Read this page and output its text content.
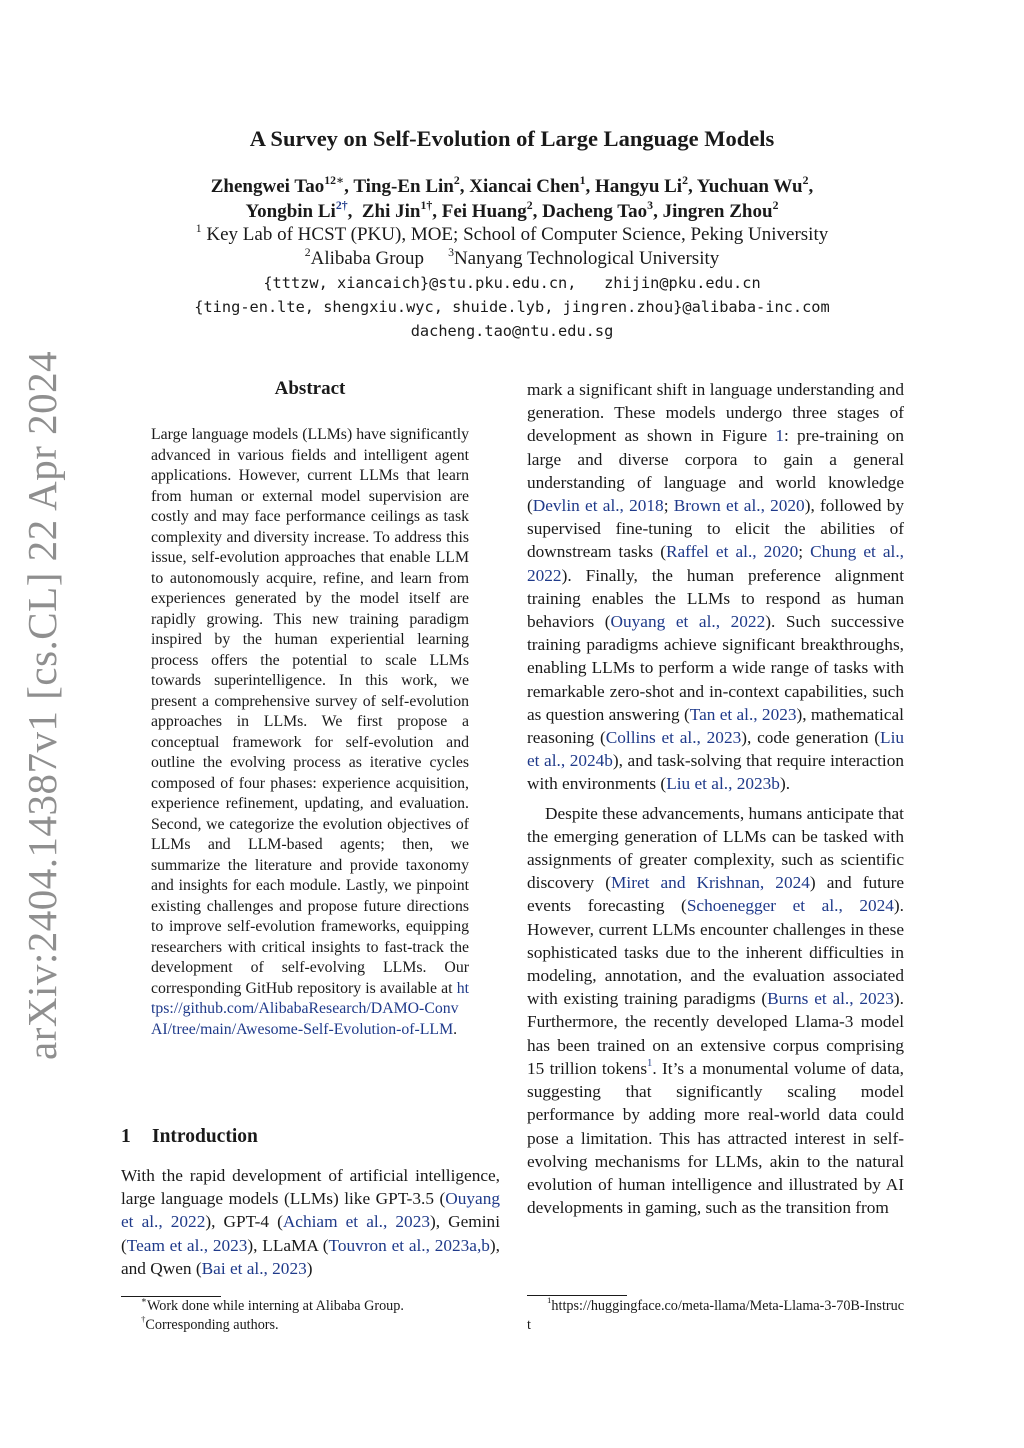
arXiv:2404.14387v1 [cs.CL] 22 Apr 2024
A Survey on Self-Evolution of Large Language Models
Zhengwei Tao$^{12∗}$, Ting-En Lin$^2$, Xiancai Chen$^1$, Hangyu Li$^2$, Yuchuan Wu$^2$,
Yongbin $Li^{2\dagger}$,  Zhi Jin$^{1\dagger}$, Fei Huang$^2$, Dacheng Tao$^3$, Jingren Zhou$^2$
$^1$ Key Lab of HCST (PKU), MOE; School of Computer Science, Peking University
$^2$Alibaba Group $^3$Nanyang Technological University
{tttzw, xiancaich}@stu.pku.edu.cn, zhijin@pku.edu.cn
{ting-en.lte, shengxiu.wyc, shuide.lyb, jingren.zhou}@alibaba-inc.com
dacheng.tao@ntu.edu.sg
Abstract
Large language models (LLMs) have significantly advanced in various fields and intelligent agent applications. However, current LLMs that learn from human or external model supervision are costly and may face performance ceilings as task complexity and diversity increase. To address this issue, self-evolution approaches that enable LLM to autonomously acquire, refine, and learn from experiences generated by the model itself are rapidly growing. This new training paradigm inspired by the human experiential learning process offers the potential to scale LLMs towards superintelligence. In this work, we present a comprehensive survey of self-evolution approaches in LLMs. We first propose a conceptual framework for self-evolution and outline the evolving process as iterative cycles composed of four phases: experience acquisition, experience refinement, updating, and evaluation. Second, we categorize the evolution objectives of LLMs and LLM-based agents; then, we summarize the literature and provide taxonomy and insights for each module. Lastly, we pinpoint existing challenges and propose future directions to improve self-evolution frameworks, equipping researchers with critical insights to fast-track the development of self-evolving LLMs. Our corresponding GitHub repository is available at https://github.com/AlibabaResearch/DAMO-ConvAI/tree/main/Awesome-Self-Evolution-of-LLM.
1 Introduction
With the rapid development of artificial intelligence, large language models (LLMs) like GPT-3.5 (Ouyang et al., 2022), GPT-4 (Achiam et al., 2023), Gemini (Team et al., 2023), LLaMA (Touvron et al., 2023a,b), and Qwen (Bai et al., 2023)

mark a significant shift in language understanding and generation. These models undergo three stages of development as shown in Figure 1: pre-training on large and diverse corpora to gain a general understanding of language and world knowledge (Devlin et al., 2018; Brown et al., 2020), followed by supervised fine-tuning to elicit the abilities of downstream tasks (Raffel et al., 2020; Chung et al., 2022). Finally, the human preference alignment training enables the LLMs to respond as human behaviors (Ouyang et al., 2022). Such successive training paradigms achieve significant breakthroughs, enabling LLMs to perform a wide range of tasks with remarkable zero-shot and in-context capabilities, such as question answering (Tan et al., 2023), mathematical reasoning (Collins et al., 2023), code generation (Liu et al., 2024b), and task-solving that require interaction with environments (Liu et al., 2023b).

Despite these advancements, humans anticipate that the emerging generation of LLMs can be tasked with assignments of greater complexity, such as scientific discovery (Miret and Krishnan, 2024) and future events forecasting (Schoenegger et al., 2024). However, current LLMs encounter challenges in these sophisticated tasks due to the inherent difficulties in modeling, annotation, and the evaluation associated with existing training paradigms (Burns et al., 2023). Furthermore, the recently developed Llama-3 model has been trained on an extensive corpus comprising 15 trillion tokens$^1$. It’s a monumental volume of data, suggesting that significantly scaling model performance by adding more real-world data could pose a limitation. This has attracted interest in self-evolving mechanisms for LLMs, akin to the natural evolution of human intelligence and illustrated by AI developments in gaming, such as the transition from

∗Work done while interning at Alibaba Group.
†Corresponding authors.
$^1$https://huggingface.co/meta-llama/Meta-Llama-3-70B-Instruct
